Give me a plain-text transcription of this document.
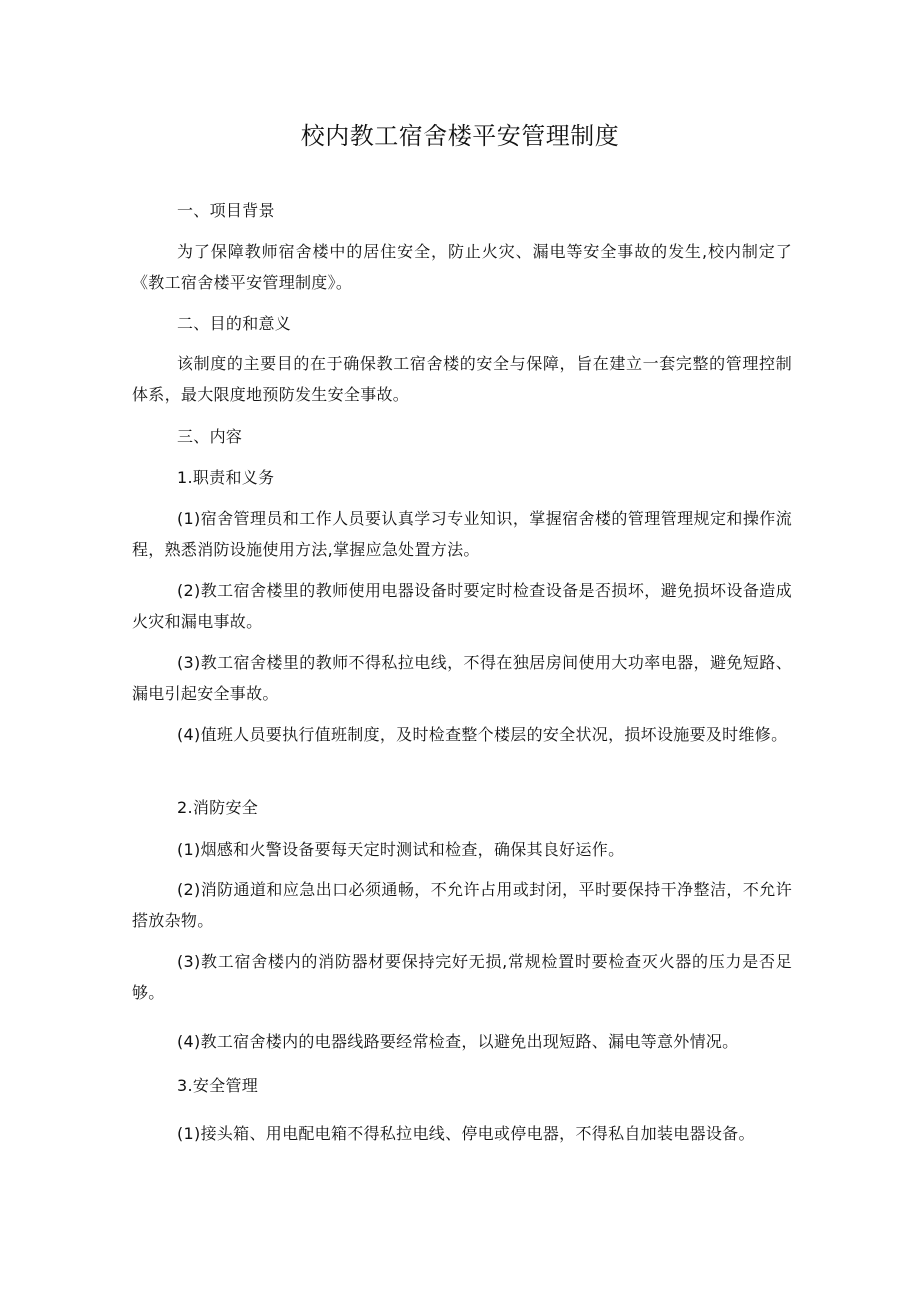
校内教工宿舍楼平安管理制度
一、项目背景
为了保障教师宿舍楼中的居住安全，防止火灾、漏电等安全事故的发生,校内制定了《教工宿舍楼平安管理制度》。
二、目的和意义
该制度的主要目的在于确保教工宿舍楼的安全与保障，旨在建立一套完整的管理控制体系，最大限度地预防发生安全事故。
三、内容
1.职责和义务
(1)宿舍管理员和工作人员要认真学习专业知识，掌握宿舍楼的管理管理规定和操作流程，熟悉消防设施使用方法,掌握应急处置方法。
(2)教工宿舍楼里的教师使用电器设备时要定时检查设备是否损坏，避免损坏设备造成火灾和漏电事故。
(3)教工宿舍楼里的教师不得私拉电线，不得在独居房间使用大功率电器，避免短路、漏电引起安全事故。
(4)值班人员要执行值班制度，及时检查整个楼层的安全状况，损坏设施要及时维修。
2.消防安全
(1)烟感和火警设备要每天定时测试和检查，确保其良好运作。
(2)消防通道和应急出口必须通畅，不允许占用或封闭，平时要保持干净整洁，不允许搭放杂物。
(3)教工宿舍楼内的消防器材要保持完好无损,常规检置时要检查灭火器的压力是否足够。
(4)教工宿舍楼内的电器线路要经常检查，以避免出现短路、漏电等意外情况。
3.安全管理
(1)接头箱、用电配电箱不得私拉电线、停电或停电器，不得私自加装电器设备。
